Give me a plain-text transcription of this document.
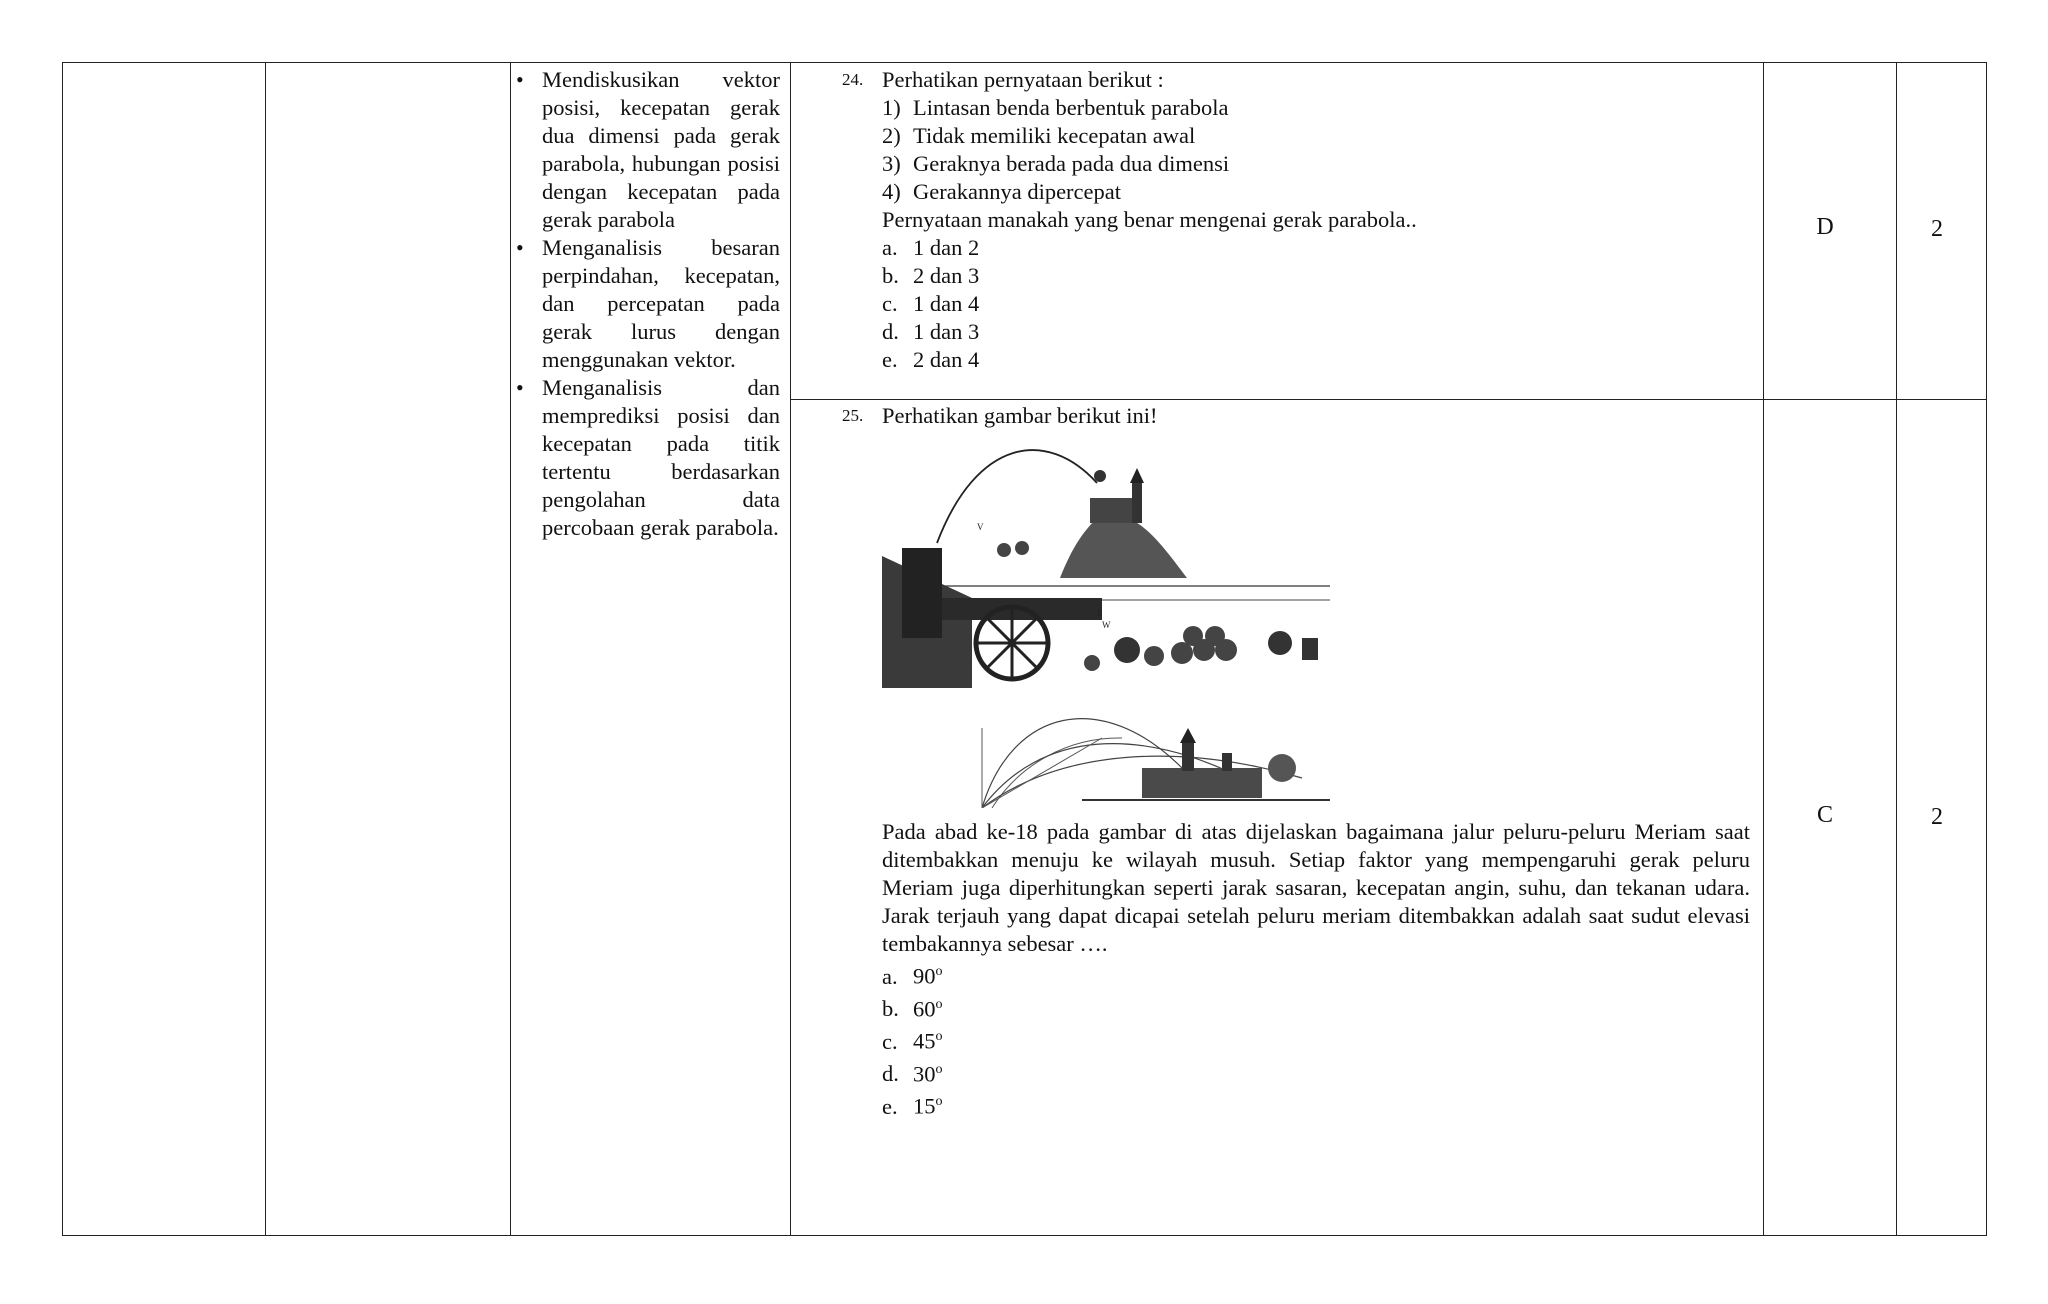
• Mendiskusikan vektor posisi, kecepatan gerak dua dimensi pada gerak parabola, hubungan posisi dengan kecepatan pada gerak parabola
• Menganalisis besaran perpindahan, kecepatan, dan percepatan pada gerak lurus dengan menggunakan vektor.
• Menganalisis dan memprediksi posisi dan kecepatan pada titik tertentu berdasarkan pengolahan data percobaan gerak parabola.
24. Perhatikan pernyataan berikut :
1) Lintasan benda berbentuk parabola
2) Tidak memiliki kecepatan awal
3) Geraknya berada pada dua dimensi
4) Gerakannya dipercepat
Pernyataan manakah yang benar mengenai gerak parabola..
a. 1 dan 2
b. 2 dan 3
c. 1 dan 4
d. 1 dan 3
e. 2 dan 4
D	2
25. Perhatikan gambar berikut ini!
V
E
W
Pada abad ke-18 pada gambar di atas dijelaskan bagaimana jalur peluru-peluru Meriam saat ditembakkan menuju ke wilayah musuh. Setiap faktor yang mempengaruhi gerak peluru Meriam juga diperhitungkan seperti jarak sasaran, kecepatan angin, suhu, dan tekanan udara. Jarak terjauh yang dapat dicapai setelah peluru meriam ditembakkan adalah saat sudut elevasi tembakannya sebesar ….
a. 90$^o$
b. 60$^o$
c. 45$^o$
d. 30$^o$
e. 15$^o$
C	2
